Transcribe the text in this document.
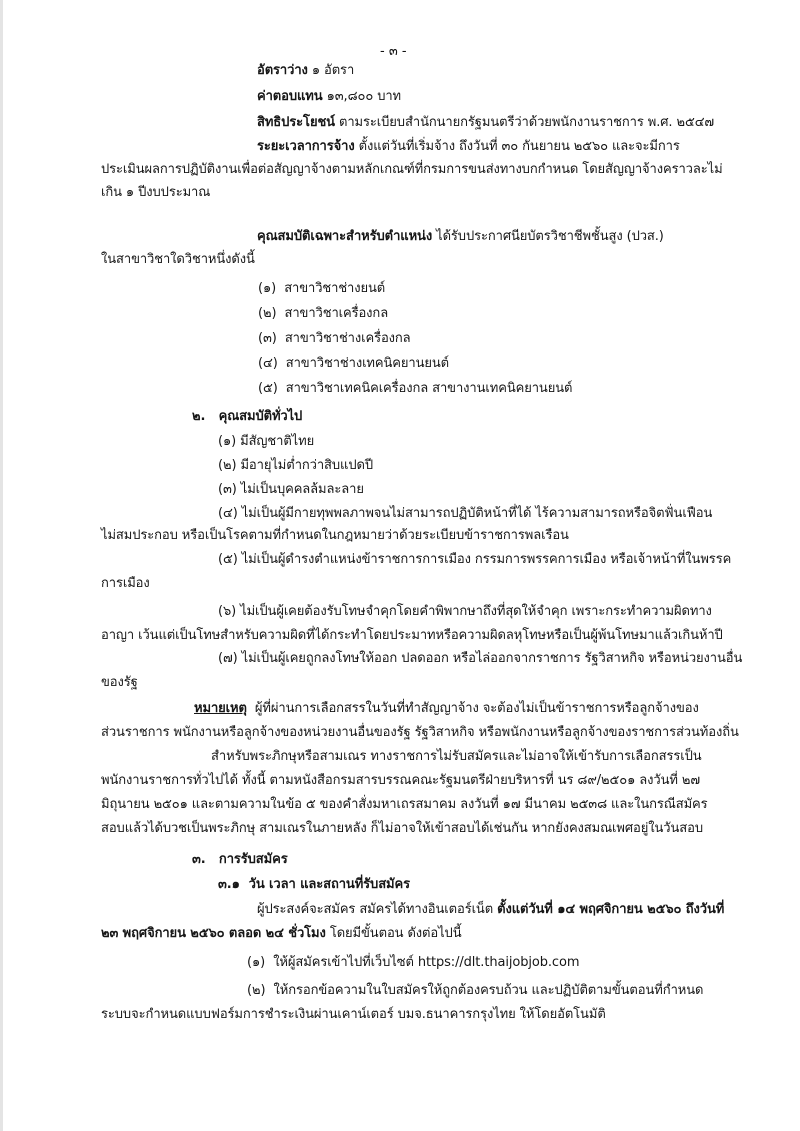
- ๓ -
อัตราว่าง ๑ อัตรา
ค่าตอบแทน ๑๓,๘๐๐ บาท
สิทธิประโยชน์ ตามระเบียบสำนักนายกรัฐมนตรีว่าด้วยพนักงานราชการ พ.ศ. ๒๕๔๗
ระยะเวลาการจ้าง ตั้งแต่วันที่เริ่มจ้าง ถึงวันที่ ๓๐ กันยายน ๒๕๖๐ และจะมีการ
ประเมินผลการปฏิบัติงานเพื่อต่อสัญญาจ้างตามหลักเกณฑ์ที่กรมการขนส่งทางบกกำหนด โดยสัญญาจ้างคราวละไม่
เกิน ๑ ปีงบประมาณ
คุณสมบัติเฉพาะสำหรับตำแหน่ง ได้รับประกาศนียบัตรวิชาชีพชั้นสูง (ปวส.)
ในสาขาวิชาใดวิชาหนึ่งดังนี้
(๑) สาขาวิชาช่างยนต์
(๒) สาขาวิชาเครื่องกล
(๓) สาขาวิชาช่างเครื่องกล
(๔) สาขาวิชาช่างเทคนิคยานยนต์
(๕) สาขาวิชาเทคนิคเครื่องกล สาขางานเทคนิคยานยนต์
๒. คุณสมบัติทั่วไป
(๑) มีสัญชาติไทย
(๒) มีอายุไม่ต่ำกว่าสิบแปดปี
(๓) ไม่เป็นบุคคลล้มละลาย
(๔) ไม่เป็นผู้มีกายทุพพลภาพจนไม่สามารถปฏิบัติหน้าที่ได้ ไร้ความสามารถหรือจิตฟั่นเฟือน
ไม่สมประกอบ หรือเป็นโรคตามที่กำหนดในกฎหมายว่าด้วยระเบียบข้าราชการพลเรือน
(๕) ไม่เป็นผู้ดำรงตำแหน่งข้าราชการการเมือง กรรมการพรรคการเมือง หรือเจ้าหน้าที่ในพรรค
การเมือง
(๖) ไม่เป็นผู้เคยต้องรับโทษจำคุกโดยคำพิพากษาถึงที่สุดให้จำคุก เพราะกระทำความผิดทาง
อาญา เว้นแต่เป็นโทษสำหรับความผิดที่ได้กระทำโดยประมาทหรือความผิดลหุโทษหรือเป็นผู้พ้นโทษมาแล้วเกินห้าปี
(๗) ไม่เป็นผู้เคยถูกลงโทษให้ออก ปลดออก หรือไล่ออกจากราชการ รัฐวิสาหกิจ หรือหน่วยงานอื่น
ของรัฐ
หมายเหตุ ผู้ที่ผ่านการเลือกสรรในวันที่ทำสัญญาจ้าง จะต้องไม่เป็นข้าราชการหรือลูกจ้างของ
ส่วนราชการ พนักงานหรือลูกจ้างของหน่วยงานอื่นของรัฐ รัฐวิสาหกิจ หรือพนักงานหรือลูกจ้างของราชการส่วนท้องถิ่น
สำหรับพระภิกษุหรือสามเณร ทางราชการไม่รับสมัครและไม่อาจให้เข้ารับการเลือกสรรเป็น
พนักงานราชการทั่วไปได้ ทั้งนี้ ตามหนังสือกรมสารบรรณคณะรัฐมนตรีฝ่ายบริหารที่ นร ๘๙/๒๕๐๑ ลงวันที่ ๒๗
มิถุนายน ๒๕๐๑ และตามความในข้อ ๕ ของคำสั่งมหาเถรสมาคม ลงวันที่ ๑๗ มีนาคม ๒๕๓๘ และในกรณีสมัคร
สอบแล้วได้บวชเป็นพระภิกษุ สามเณรในภายหลัง ก็ไม่อาจให้เข้าสอบได้เช่นกัน หากยังคงสมณเพศอยู่ในวันสอบ
๓. การรับสมัคร
๓.๑ วัน เวลา และสถานที่รับสมัคร
ผู้ประสงค์จะสมัคร สมัครได้ทางอินเตอร์เน็ต ตั้งแต่วันที่ ๑๔ พฤศจิกายน ๒๕๖๐ ถึงวันที่
๒๓ พฤศจิกายน ๒๕๖๐ ตลอด ๒๔ ชั่วโมง โดยมีขั้นตอน ดังต่อไปนี้
(๑) ให้ผู้สมัครเข้าไปที่เว็บไซต์ https://dlt.thaijobjob.com
(๒) ให้กรอกข้อความในใบสมัครให้ถูกต้องครบถ้วน และปฏิบัติตามขั้นตอนที่กำหนด
ระบบจะกำหนดแบบฟอร์มการชำระเงินผ่านเคาน์เตอร์ บมจ.ธนาคารกรุงไทย ให้โดยอัตโนมัติ
